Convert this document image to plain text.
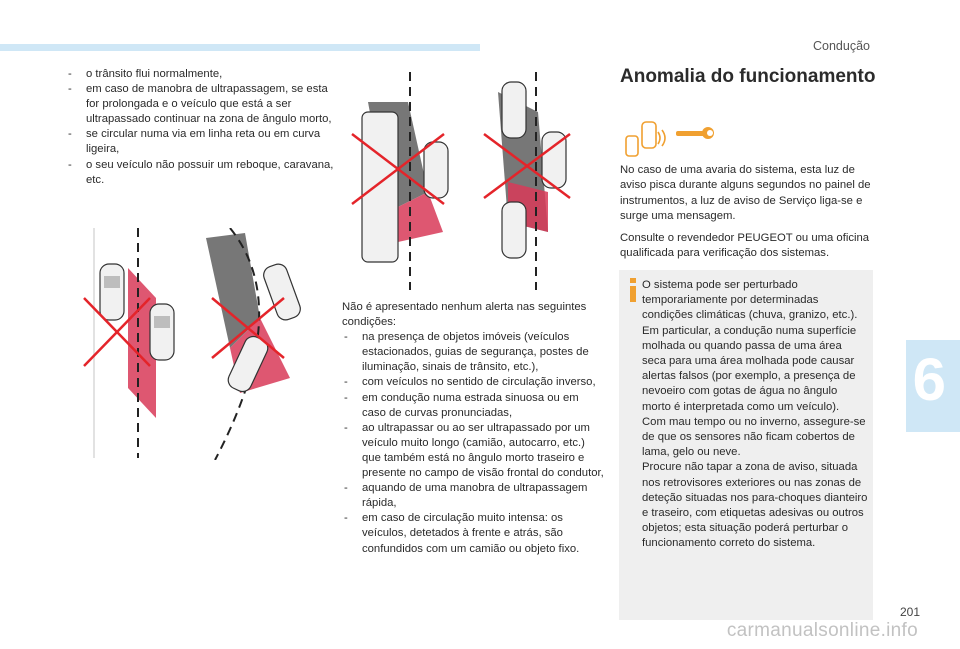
Condução
6
201
carmanualsonline.info
- o trânsito flui normalmente,
- em caso de manobra de ultrapassagem, se esta for prolongada e o veículo que está a ser ultrapassado continuar na zona de ângulo morto,
- se circular numa via em linha reta ou em curva ligeira,
- o seu veículo não possuir um reboque, caravana, etc.

Não é apresentado nenhum alerta nas seguintes condições:

- na presença de objetos imóveis (veículos estacionados, guias de segurança, postes de iluminação, sinais de trânsito, etc.),
- com veículos no sentido de circulação inverso,
- em condução numa estrada sinuosa ou em caso de curvas pronunciadas,
- ao ultrapassar ou ao ser ultrapassado por um veículo muito longo (camião, autocarro, etc.) que também está no ângulo morto traseiro e presente no campo de visão frontal do condutor,
- aquando de uma manobra de ultrapassagem rápida,
- em caso de circulação muito intensa: os veículos, detetados à frente e atrás, são confundidos com um camião ou objeto fixo.
Anomalia do funcionamento

No caso de uma avaria do sistema, esta luz de aviso pisca durante alguns segundos no painel de instrumentos, a luz de aviso de Serviço liga-se e surge uma mensagem.

Consulte o revendedor PEUGEOT ou uma oficina qualificada para verificação dos sistemas.

O sistema pode ser perturbado temporariamente por determinadas condições climáticas (chuva, granizo, etc.).
Em particular, a condução numa superfície molhada ou quando passa de uma área seca para uma área molhada pode causar alertas falsos (por exemplo, a presença de nevoeiro com gotas de água no ângulo morto é interpretada como um veículo).
Com mau tempo ou no inverno, assegure-se de que os sensores não ficam cobertos de lama, gelo ou neve.
Procure não tapar a zona de aviso, situada nos retrovisores exteriores ou nas zonas de deteção situadas nos para-choques dianteiro e traseiro, com etiquetas adesivas ou outros objetos; esta situação poderá perturbar o funcionamento correto do sistema.
